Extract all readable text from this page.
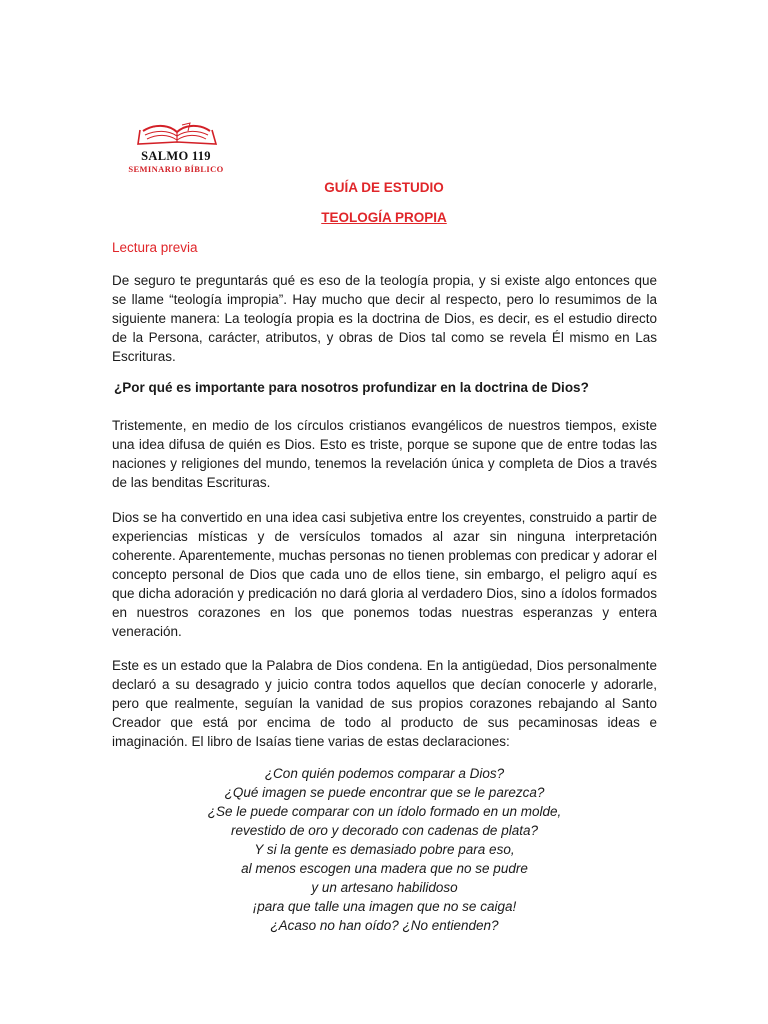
SALMO 119
SEMINARIO BÍBLICO
GUÍA DE ESTUDIO
TEOLOGÍA PROPIA
Lectura previa

De seguro te preguntarás qué es eso de la teología propia, y si existe algo entonces que se llame “teología impropia”. Hay mucho que decir al respecto, pero lo resumimos de la siguiente manera: La teología propia es la doctrina de Dios, es decir, es el estudio directo de la Persona, carácter, atributos, y obras de Dios tal como se revela Él mismo en Las Escrituras.

¿Por qué es importante para nosotros profundizar en la doctrina de Dios?

Tristemente, en medio de los círculos cristianos evangélicos de nuestros tiempos, existe una idea difusa de quién es Dios. Esto es triste, porque se supone que de entre todas las naciones y religiones del mundo, tenemos la revelación única y completa de Dios a través de las benditas Escrituras.

Dios se ha convertido en una idea casi subjetiva entre los creyentes, construido a partir de experiencias místicas y de versículos tomados al azar sin ninguna interpretación coherente. Aparentemente, muchas personas no tienen problemas con predicar y adorar el concepto personal de Dios que cada uno de ellos tiene, sin embargo, el peligro aquí es que dicha adoración y predicación no dará gloria al verdadero Dios, sino a ídolos formados en nuestros corazones en los que ponemos todas nuestras esperanzas y entera veneración.

Este es un estado que la Palabra de Dios condena. En la antigüedad, Dios personalmente declaró a su desagrado y juicio contra todos aquellos que decían conocerle y adorarle, pero que realmente, seguían la vanidad de sus propios corazones rebajando al Santo Creador que está por encima de todo al producto de sus pecaminosas ideas e imaginación. El libro de Isaías tiene varias de estas declaraciones:

¿Con quién podemos comparar a Dios?
¿Qué imagen se puede encontrar que se le parezca?
¿Se le puede comparar con un ídolo formado en un molde,
revestido de oro y decorado con cadenas de plata?
Y si la gente es demasiado pobre para eso,
al menos escogen una madera que no se pudre
y un artesano habilidoso
¡para que talle una imagen que no se caiga!
¿Acaso no han oído? ¿No entienden?
